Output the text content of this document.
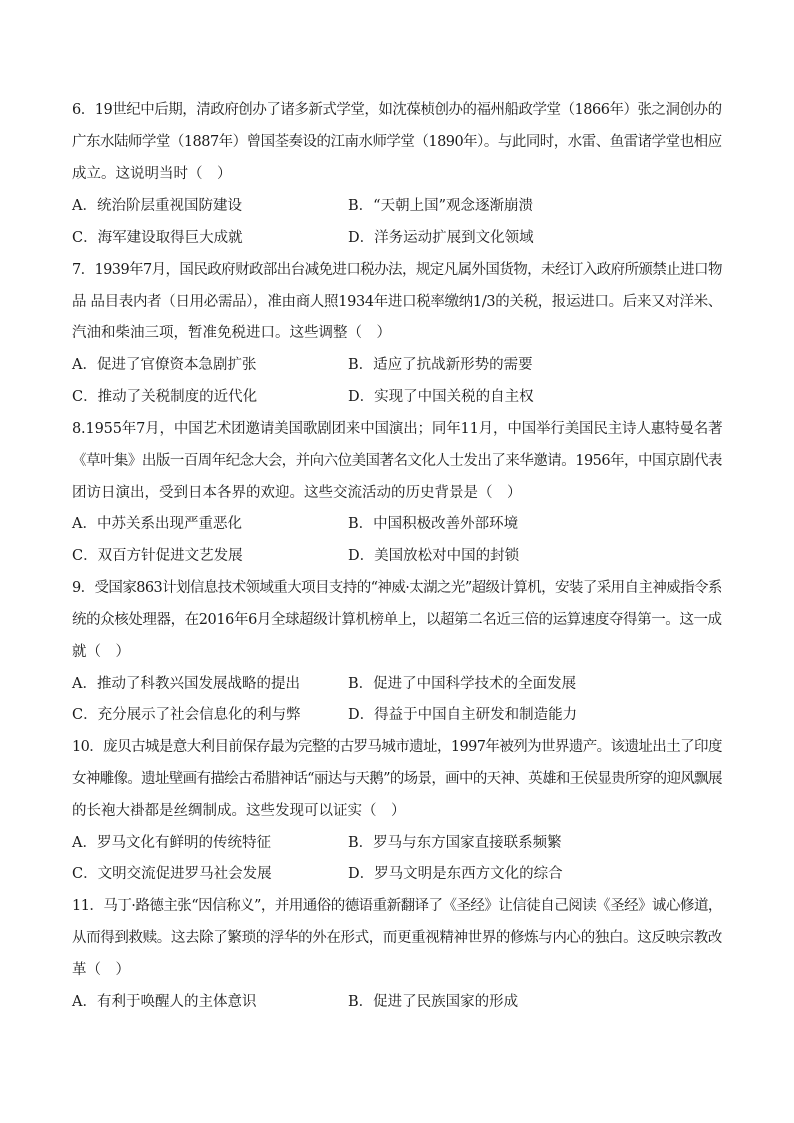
6．19世纪中后期，清政府创办了诸多新式学堂，如沈葆桢创办的福州船政学堂（1866年）张之洞创办的
广东水陆师学堂（1887年）曾国荃奏设的江南水师学堂（1890年）。与此同时，水雷、鱼雷诸学堂也相应
成立。这说明当时（　）
A．统治阶层重视国防建设	B．“天朝上国”观念逐渐崩溃
C．海军建设取得巨大成就	D．洋务运动扩展到文化领域
7．1939年7月，国民政府财政部出台减免进口税办法，规定凡属外国货物，未经订入政府所颁禁止进口物
品 品目表内者（日用必需品），准由商人照1934年进口税率缴纳1/3的关税，报运进口。后来又对洋米、
汽油和柴油三项，暂准免税进口。这些调整（　）
A．促进了官僚资本急剧扩张	B．适应了抗战新形势的需要
C．推动了关税制度的近代化	D．实现了中国关税的自主权
8.1955年7月，中国艺术团邀请美国歌剧团来中国演出；同年11月，中国举行美国民主诗人惠特曼名著
《草叶集》出版一百周年纪念大会，并向六位美国著名文化人士发出了来华邀请。1956年，中国京剧代表
团访日演出，受到日本各界的欢迎。这些交流活动的历史背景是（　）
A．中苏关系出现严重恶化	B．中国积极改善外部环境
C．双百方针促进文艺发展	D．美国放松对中国的封锁
9．受国家863计划信息技术领域重大项目支持的“神威·太湖之光”超级计算机，安装了采用自主神威指令系
统的众核处理器，在2016年6月全球超级计算机榜单上，以超第二名近三倍的运算速度夺得第一。这一成
就（　）
A．推动了科教兴国发展战略的提出	B．促进了中国科学技术的全面发展
C．充分展示了社会信息化的利与弊	D．得益于中国自主研发和制造能力
10．庞贝古城是意大利目前保存最为完整的古罗马城市遗址，1997年被列为世界遗产。该遗址出土了印度
女神雕像。遗址壁画有描绘古希腊神话“丽达与天鹅”的场景，画中的天神、英雄和王侯显贵所穿的迎风飘展
的长袍大褂都是丝绸制成。这些发现可以证实（　）
A．罗马文化有鲜明的传统特征	B．罗马与东方国家直接联系频繁
C．文明交流促进罗马社会发展	D．罗马文明是东西方文化的综合
11．马丁·路德主张“因信称义”，并用通俗的德语重新翻译了《圣经》让信徒自己阅读《圣经》诚心修道，
从而得到救赎。这去除了繁琐的浮华的外在形式，而更重视精神世界的修炼与内心的独白。这反映宗教改
革（　）
A．有利于唤醒人的主体意识	B．促进了民族国家的形成
